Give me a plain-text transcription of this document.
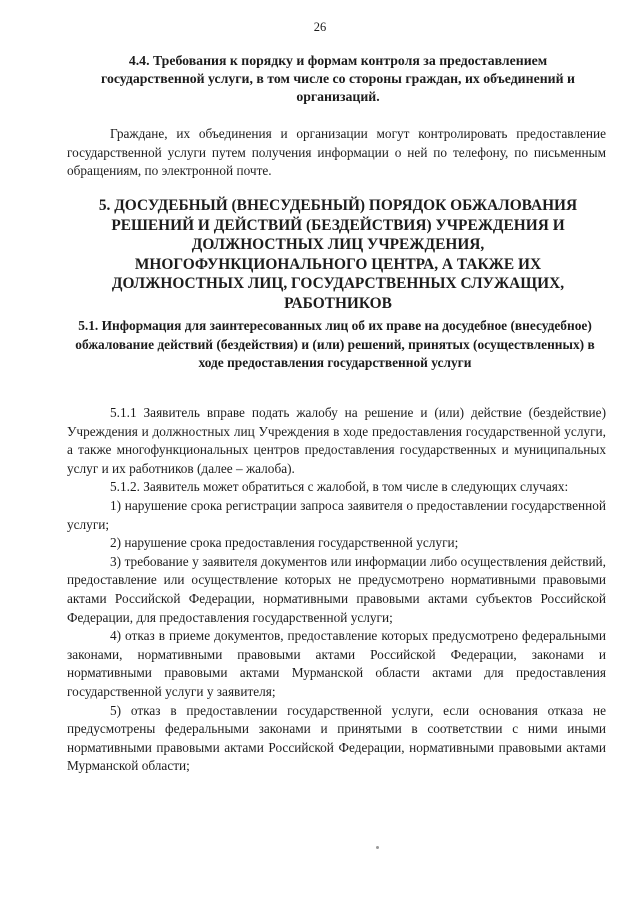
26
4.4. Требования к порядку и формам контроля за предоставлением государственной услуги, в том числе со стороны граждан, их объединений и организаций.

Граждане, их объединения и организации могут контролировать предоставление государственной услуги путем получения информации о ней по телефону, по письменным обращениям, по электронной почте.

5. ДОСУДЕБНЫЙ (ВНЕСУДЕБНЫЙ) ПОРЯДОК ОБЖАЛОВАНИЯ РЕШЕНИЙ И ДЕЙСТВИЙ (БЕЗДЕЙСТВИЯ) УЧРЕЖДЕНИЯ И ДОЛЖНОСТНЫХ ЛИЦ УЧРЕЖДЕНИЯ, МНОГОФУНКЦИОНАЛЬНОГО ЦЕНТРА, А ТАКЖЕ ИХ ДОЛЖНОСТНЫХ ЛИЦ, ГОСУДАРСТВЕННЫХ СЛУЖАЩИХ, РАБОТНИКОВ
5.1. Информация для заинтересованных лиц об их праве на досудебное (внесудебное) обжалование действий (бездействия) и (или) решений, принятых (осуществленных) в ходе предоставления государственной услуги

5.1.1 Заявитель вправе подать жалобу на решение и (или) действие (бездействие) Учреждения и должностных лиц Учреждения в ходе предоставления государственной услуги, а также многофункциональных центров предоставления государственных и муниципальных услуг и их работников (далее – жалоба).

5.1.2. Заявитель может обратиться с жалобой, в том числе в следующих случаях:

1) нарушение срока регистрации запроса заявителя о предоставлении государственной услуги;

2) нарушение срока предоставления государственной услуги;

3) требование у заявителя документов или информации либо осуществления действий, предоставление или осуществление которых не предусмотрено нормативными правовыми актами Российской Федерации, нормативными правовыми актами субъектов Российской Федерации, для предоставления государственной услуги;

4) отказ в приеме документов, предоставление которых предусмотрено федеральными законами, нормативными правовыми актами Российской Федерации, законами и нормативными правовыми актами Мурманской области актами для предоставления государственной услуги у заявителя;

5) отказ в предоставлении государственной услуги, если основания отказа не предусмотрены федеральными законами и принятыми в соответствии с ними иными нормативными правовыми актами Российской Федерации, нормативными правовыми актами Мурманской области;
